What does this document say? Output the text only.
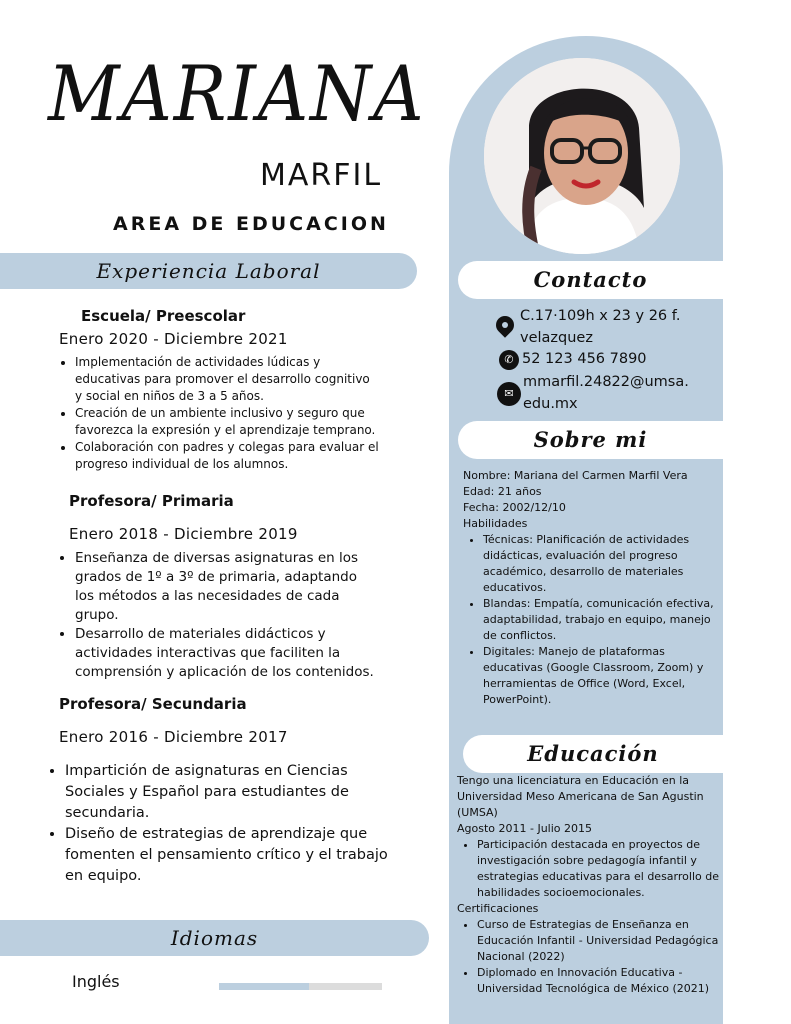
Contacto
C.17·109h x 23 y 26 f.
velazquez
✆ 52 123 456 7890
✉
mmarfil.24822@umsa.
edu.mx
Sobre mi
Nombre: Mariana del Carmen Marfil Vera
Edad: 21 años
Fecha: 2002/12/10
Habilidades
• Técnicas: Planificación de actividades didácticas, evaluación del progreso académico, desarrollo de materiales educativos.
• Blandas: Empatía, comunicación efectiva, adaptabilidad, trabajo en equipo, manejo de conflictos.
• Digitales: Manejo de plataformas educativas (Google Classroom, Zoom) y herramientas de Office (Word, Excel, PowerPoint).
Educación
Tengo una licenciatura en Educación en la Universidad Meso Americana de San Agustin (UMSA)
Agosto 2011 - Julio 2015
• Participación destacada en proyectos de investigación sobre pedagogía infantil y estrategias educativas para el desarrollo de habilidades socioemocionales.
Certificaciones
• Curso de Estrategias de Enseñanza en Educación Infantil - Universidad Pedagógica Nacional (2022)
• Diplomado en Innovación Educativa - Universidad Tecnológica de México (2021)
MARIANA
MARFIL
AREA DE EDUCACION
Experiencia Laboral
Escuela/ Preescolar
Enero 2020 - Diciembre 2021
• Implementación de actividades lúdicas y educativas para promover el desarrollo cognitivo y social en niños de 3 a 5 años.
• Creación de un ambiente inclusivo y seguro que favorezca la expresión y el aprendizaje temprano.
• Colaboración con padres y colegas para evaluar el progreso individual de los alumnos.
Profesora/ Primaria
Enero 2018 - Diciembre 2019
• Enseñanza de diversas asignaturas en los grados de 1º a 3º de primaria, adaptando los métodos a las necesidades de cada grupo.
• Desarrollo de materiales didácticos y actividades interactivas que faciliten la comprensión y aplicación de los contenidos.
Profesora/ Secundaria
Enero 2016 - Diciembre 2017
• Impartición de asignaturas en Ciencias Sociales y Español para estudiantes de secundaria.
• Diseño de estrategias de aprendizaje que fomenten el pensamiento crítico y el trabajo en equipo.
Idiomas
Inglés
